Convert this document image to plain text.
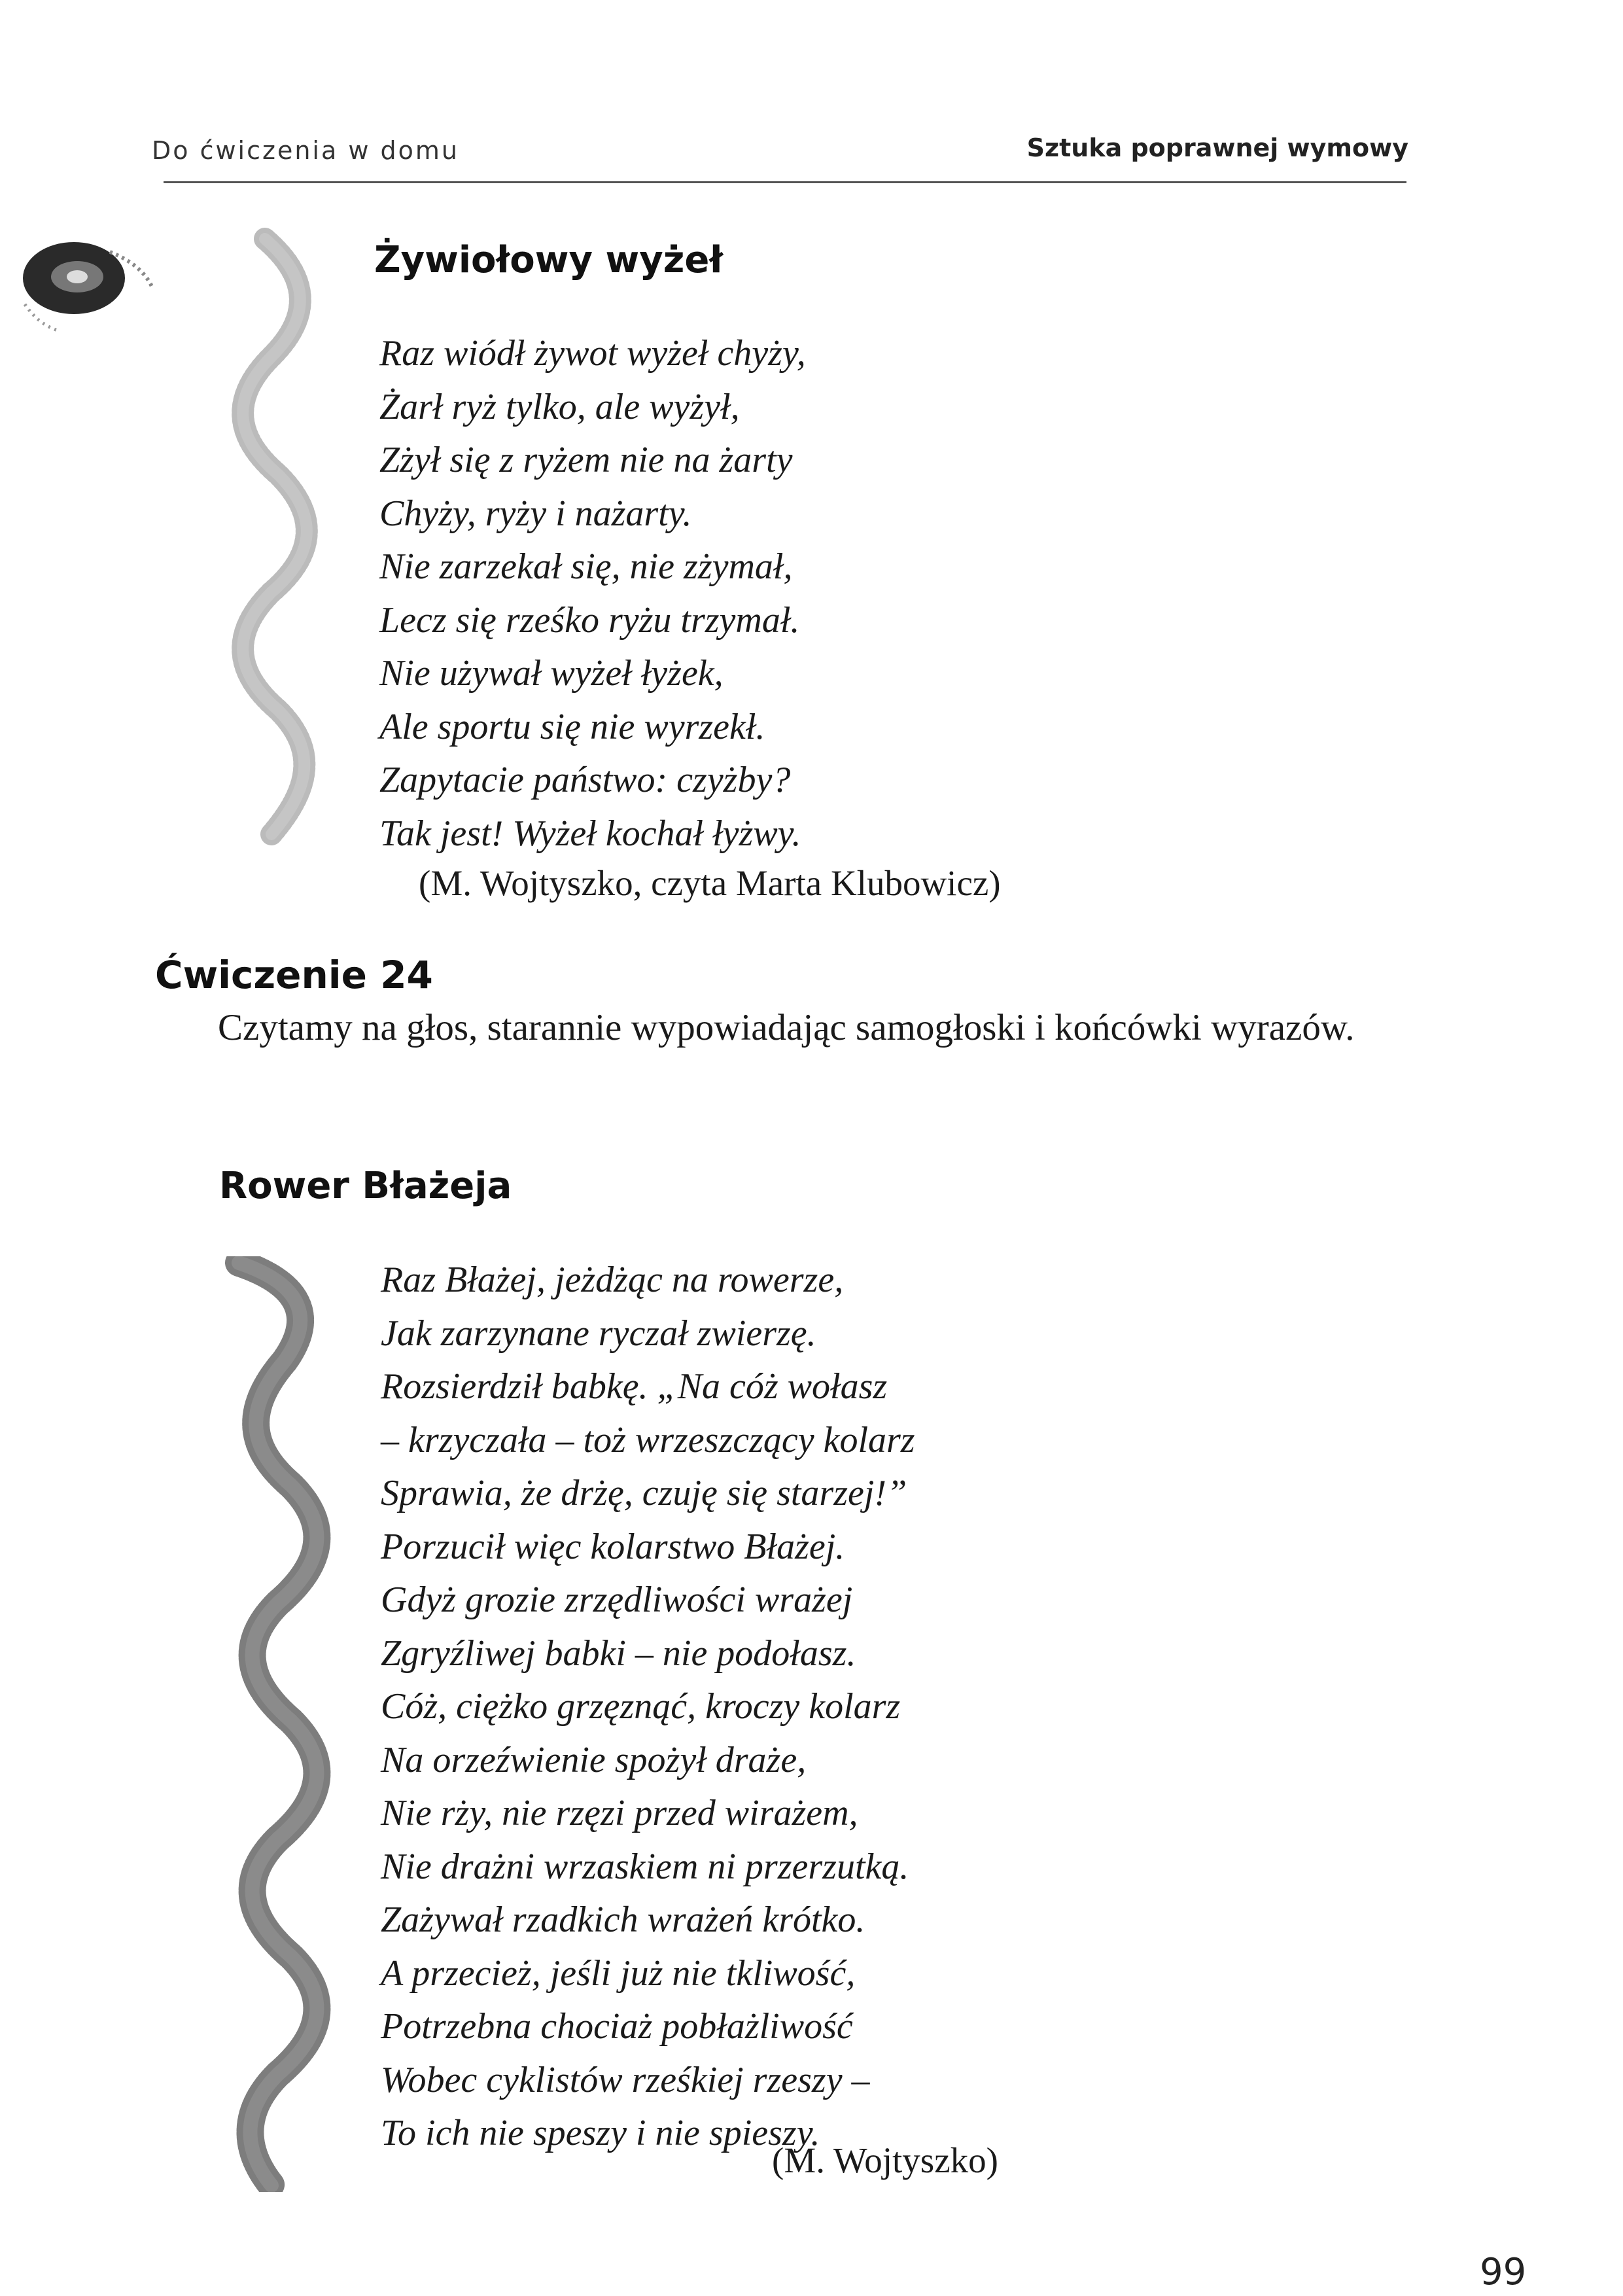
Do ćwiczenia w domu	Sztuka poprawnej wymowy
Żywiołowy wyżeł
Raz wiódł żywot wyżeł chyży,
Żarł ryż tylko, ale wyżył,
Zżył się z ryżem nie na żarty
Chyży, ryży i nażarty.
Nie zarzekał się, nie zżymał,
Lecz się rześko ryżu trzymał.
Nie używał wyżeł łyżek,
Ale sportu się nie wyrzekł.
Zapytacie państwo: czyżby?
Tak jest! Wyżeł kochał łyżwy.
(M. Wojtyszko, czyta Marta Klubowicz)
Ćwiczenie 24
Czytamy na głos, starannie wypowiadając samogłoski i końcówki wyrazów.
Rower Błażeja
Raz Błażej, jeżdżąc na rowerze,
Jak zarzynane ryczał zwierzę.
Rozsierdził babkę. „Na cóż wołasz
– krzyczała – toż wrzeszczący kolarz
Sprawia, że drżę, czuję się starzej!”
Porzucił więc kolarstwo Błażej.
Gdyż grozie zrzędliwości wrażej
Zgryźliwej babki – nie podołasz.
Cóż, ciężko grzęznąć, kroczy kolarz
Na orzeźwienie spożył draże,
Nie rży, nie rzęzi przed wirażem,
Nie drażni wrzaskiem ni przerzutką.
Zażywał rzadkich wrażeń krótko.
A przecież, jeśli już nie tkliwość,
Potrzebna chociaż pobłażliwość
Wobec cyklistów rześkiej rzeszy –
To ich nie speszy i nie spieszy.
(M. Wojtyszko)
99
